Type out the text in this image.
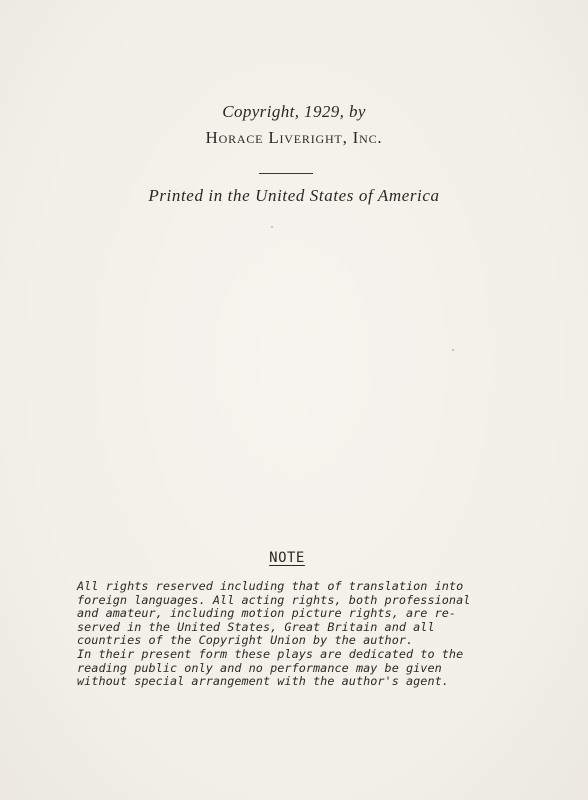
Copyright, 1929, by
Horace Liveright, Inc.
Printed in the United States of America
NOTE
All rights reserved including that of translation into
foreign languages. All acting rights, both professional
and amateur, including motion picture rights, are re-
served in the United States, Great Britain and all
countries of the Copyright Union by the author.
In their present form these plays are dedicated to the
reading public only and no performance may be given
without special arrangement with the author's agent.
